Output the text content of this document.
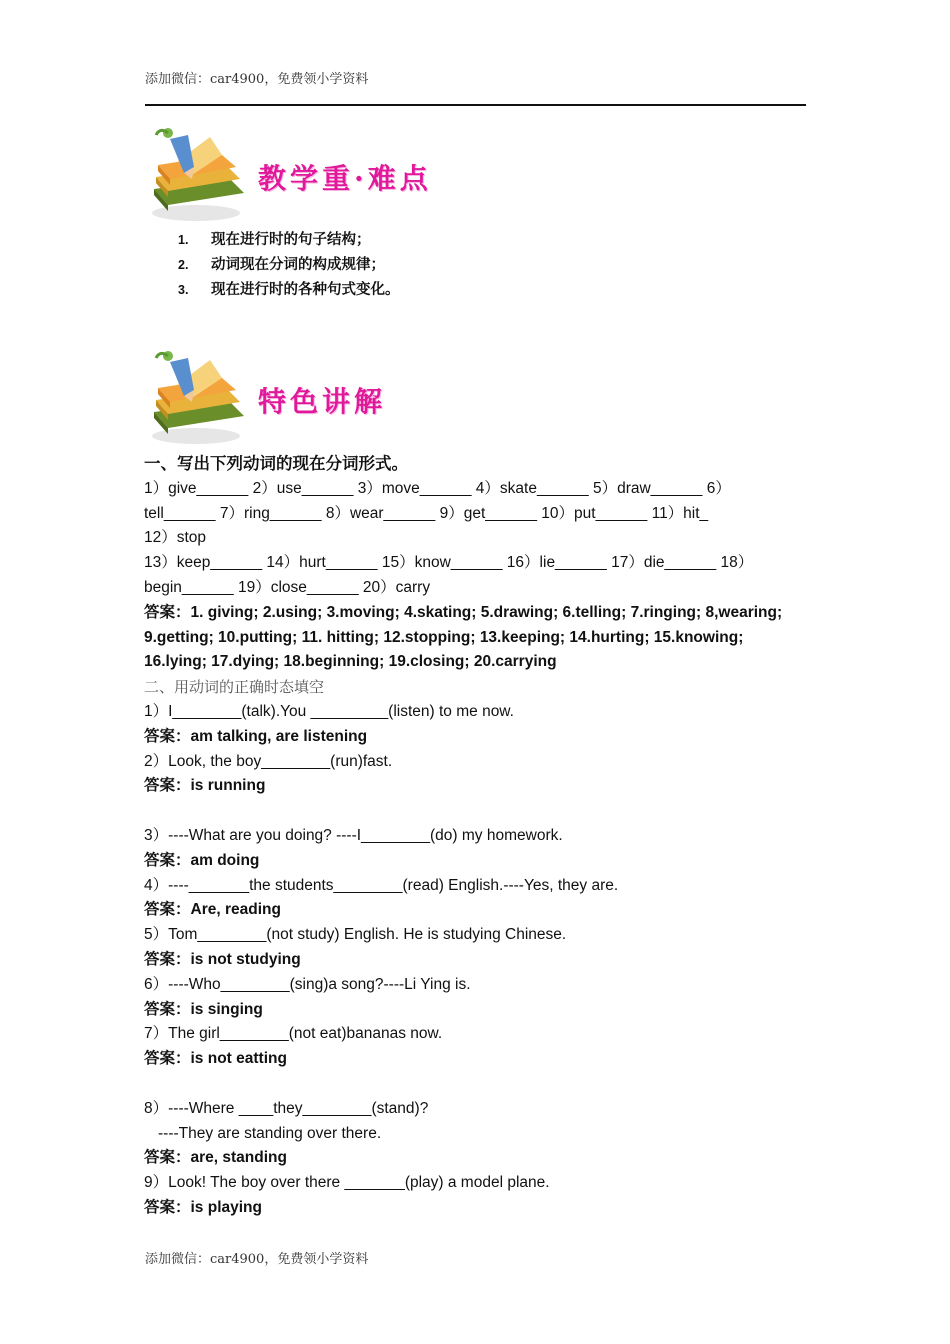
添加微信：car4900，免费领小学资料
教学重·难点
1. 现在进行时的句子结构；
2. 动词现在分词的构成规律；
3. 现在进行时的各种句式变化。
特色讲解
一、写出下列动词的现在分词形式。
1）give______ 2）use______ 3）move______ 4）skate______ 5）draw______ 6）
tell______ 7）ring______ 8）wear______ 9）get______ 10）put______ 11）hit_
12）stop
13）keep______ 14）hurt______ 15）know______ 16）lie______ 17）die______ 18）
begin______ 19）close______ 20）carry
答案：1. giving; 2.using; 3.moving; 4.skating; 5.drawing; 6.telling; 7.ringing; 8,wearing;
9.getting; 10.putting; 11. hitting; 12.stopping; 13.keeping; 14.hurting; 15.knowing;
16.lying; 17.dying; 18.beginning; 19.closing; 20.carrying
二、用动词的正确时态填空
1）I________(talk).You _________(listen) to me now.
答案：am talking, are listening
2）Look, the boy________(run)fast.
答案：is running
3）----What are you doing? ----I________(do) my homework.
答案：am doing
4）----_______the students________(read) English.----Yes, they are.
答案：Are, reading
5）Tom________(not study) English. He is studying Chinese.
答案：is not studying
6）----Who________(sing)a song?----Li Ying is.
答案：is singing
7）The girl________(not eat)bananas now.
答案：is not eatting
8）----Where ____they________(stand)?
----They are standing over there.
答案：are, standing
9）Look! The boy over there _______(play) a model plane.
答案：is playing
添加微信：car4900，免费领小学资料
